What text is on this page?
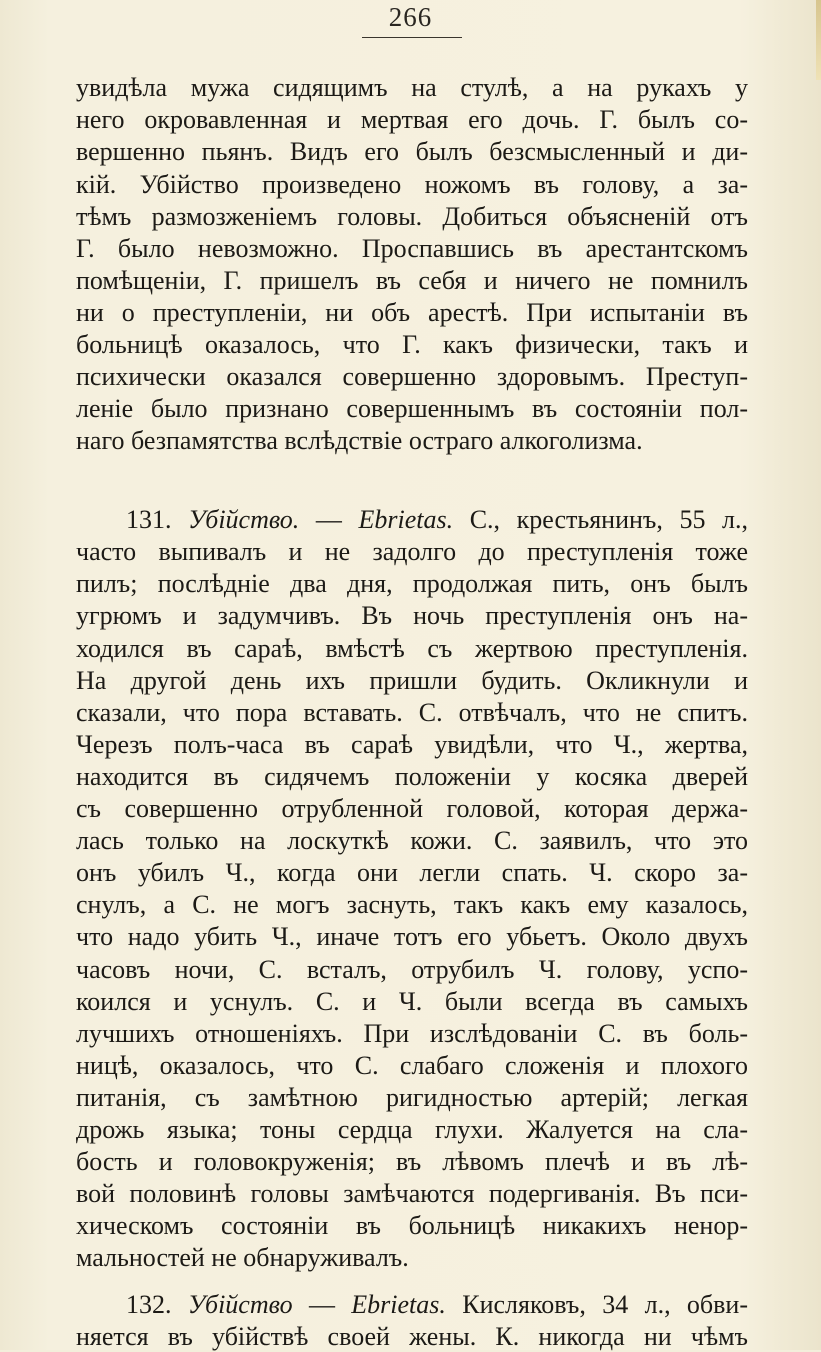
266
увидѣла мужа сидящимъ на стулѣ, а на рукахъ у
него окровавленная и мертвая его дочь. Г. былъ со-
вершенно пьянъ. Видъ его былъ безсмысленный и ди-
кій. Убійство произведено ножомъ въ голову, а за-
тѣмъ размозженіемъ головы. Добиться объясненій отъ
Г. было невозможно. Проспавшись въ арестантскомъ
помѣщеніи, Г. пришелъ въ себя и ничего не помнилъ
ни о преступленіи, ни объ арестѣ. При испытаніи въ
больницѣ оказалось, что Г. какъ физически, такъ и
психически оказался совершенно здоровымъ. Преступ-
леніе было признано совершеннымъ въ состояніи пол-
наго безпамятства вслѣдствіе остраго алкоголизма.
131. Убійство. — Ebrietas. С., крестьянинъ, 55 л.,
часто выпивалъ и не задолго до преступленія тоже
пилъ; послѣдніе два дня, продолжая пить, онъ былъ
угрюмъ и задумчивъ. Въ ночь преступленія онъ на-
ходился въ сараѣ, вмѣстѣ съ жертвою преступленія.
На другой день ихъ пришли будить. Окликнули и
сказали, что пора вставать. С. отвѣчалъ, что не спитъ.
Черезъ полъ-часа въ сараѣ увидѣли, что Ч., жертва,
находится въ сидячемъ положеніи у косяка дверей
съ совершенно отрубленной головой, которая держа-
лась только на лоскуткѣ кожи. С. заявилъ, что это
онъ убилъ Ч., когда они легли спать. Ч. скоро за-
снулъ, а С. не могъ заснуть, такъ какъ ему казалось,
что надо убить Ч., иначе тотъ его убьетъ. Около двухъ
часовъ ночи, С. всталъ, отрубилъ Ч. голову, успо-
коился и уснулъ. С. и Ч. были всегда въ самыхъ
лучшихъ отношеніяхъ. При изслѣдованіи С. въ боль-
ницѣ, оказалось, что С. слабаго сложенія и плохого
питанія, съ замѣтною ригидностью артерій; легкая
дрожь языка; тоны сердца глухи. Жалуется на сла-
бость и головокруженія; въ лѣвомъ плечѣ и въ лѣ-
вой половинѣ головы замѣчаются подергиванія. Въ пси-
хическомъ состояніи въ больницѣ никакихъ ненор-
мальностей не обнаруживалъ.
132. Убійство — Ebrietas. Кисляковъ, 34 л., обви-
няется въ убійствѣ своей жены. К. никогда ни чѣмъ
